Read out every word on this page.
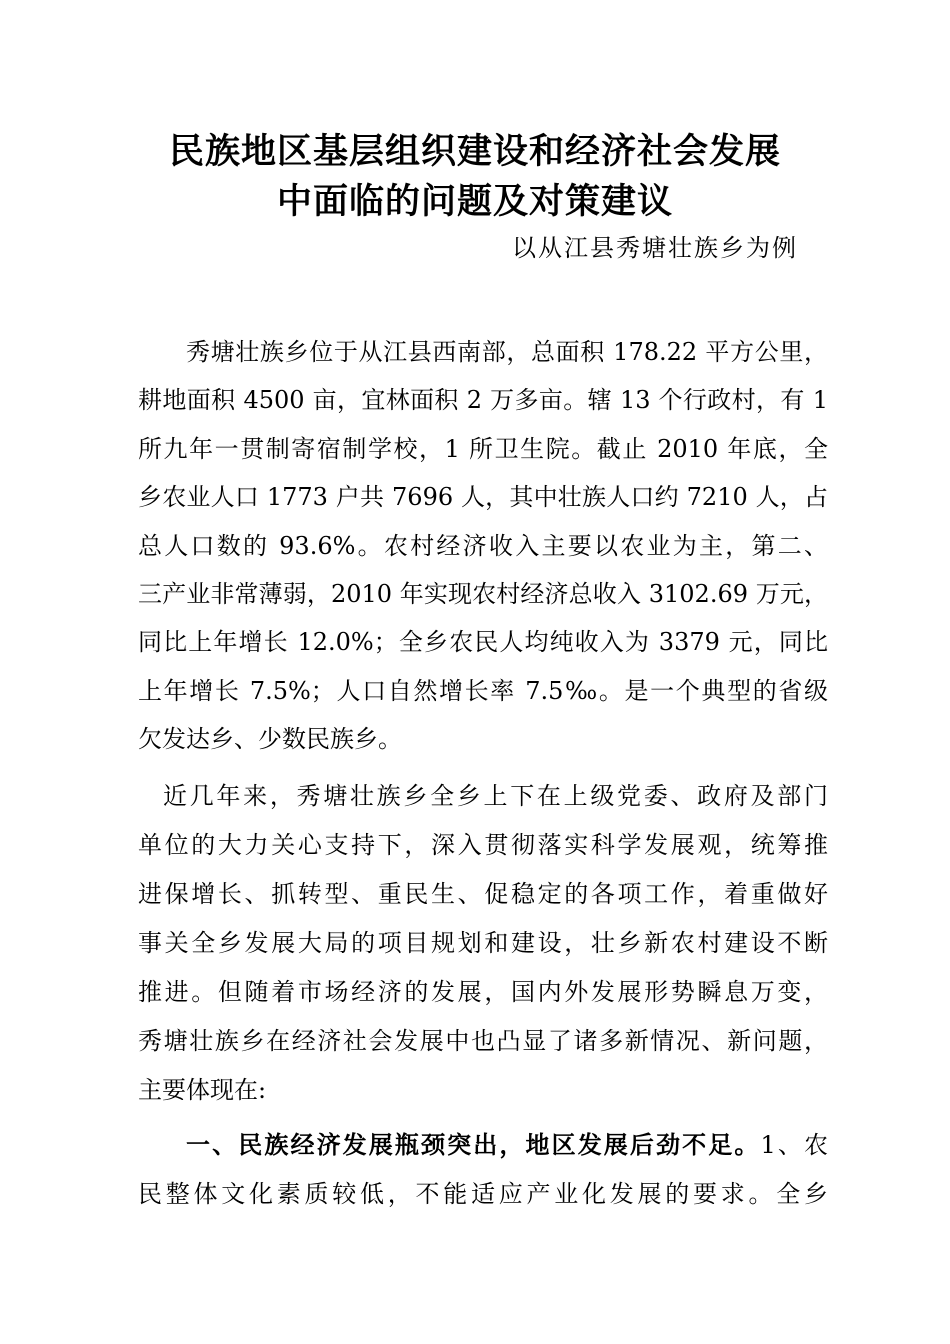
民族地区基层组织建设和经济社会发展
中面临的问题及对策建议
以从江县秀塘壮族乡为例
秀塘壮族乡位于从江县西南部，总面积 178.22 平方公里，
耕地面积 4500 亩，宜林面积 2 万多亩。辖 13 个行政村，有 1
所九年一贯制寄宿制学校，1 所卫生院。截止 2010 年底，全
乡农业人口 1773 户共 7696 人，其中壮族人口约 7210 人，占
总人口数的 93.6%。农村经济收入主要以农业为主，第二、
三产业非常薄弱，2010 年实现农村经济总收入 3102.69 万元，
同比上年增长 12.0%；全乡农民人均纯收入为 3379 元，同比
上年增长 7.5%；人口自然增长率 7.5‰。是一个典型的省级
欠发达乡、少数民族乡。
近几年来，秀塘壮族乡全乡上下在上级党委、政府及部门
单位的大力关心支持下，深入贯彻落实科学发展观，统筹推
进保增长、抓转型、重民生、促稳定的各项工作，着重做好
事关全乡发展大局的项目规划和建设，壮乡新农村建设不断
推进。但随着市场经济的发展，国内外发展形势瞬息万变，
秀塘壮族乡在经济社会发展中也凸显了诸多新情况、新问题，
主要体现在:
一、民族经济发展瓶颈突出，地区发展后劲不足。1、农
民整体文化素质较低，不能适应产业化发展的要求。全乡
